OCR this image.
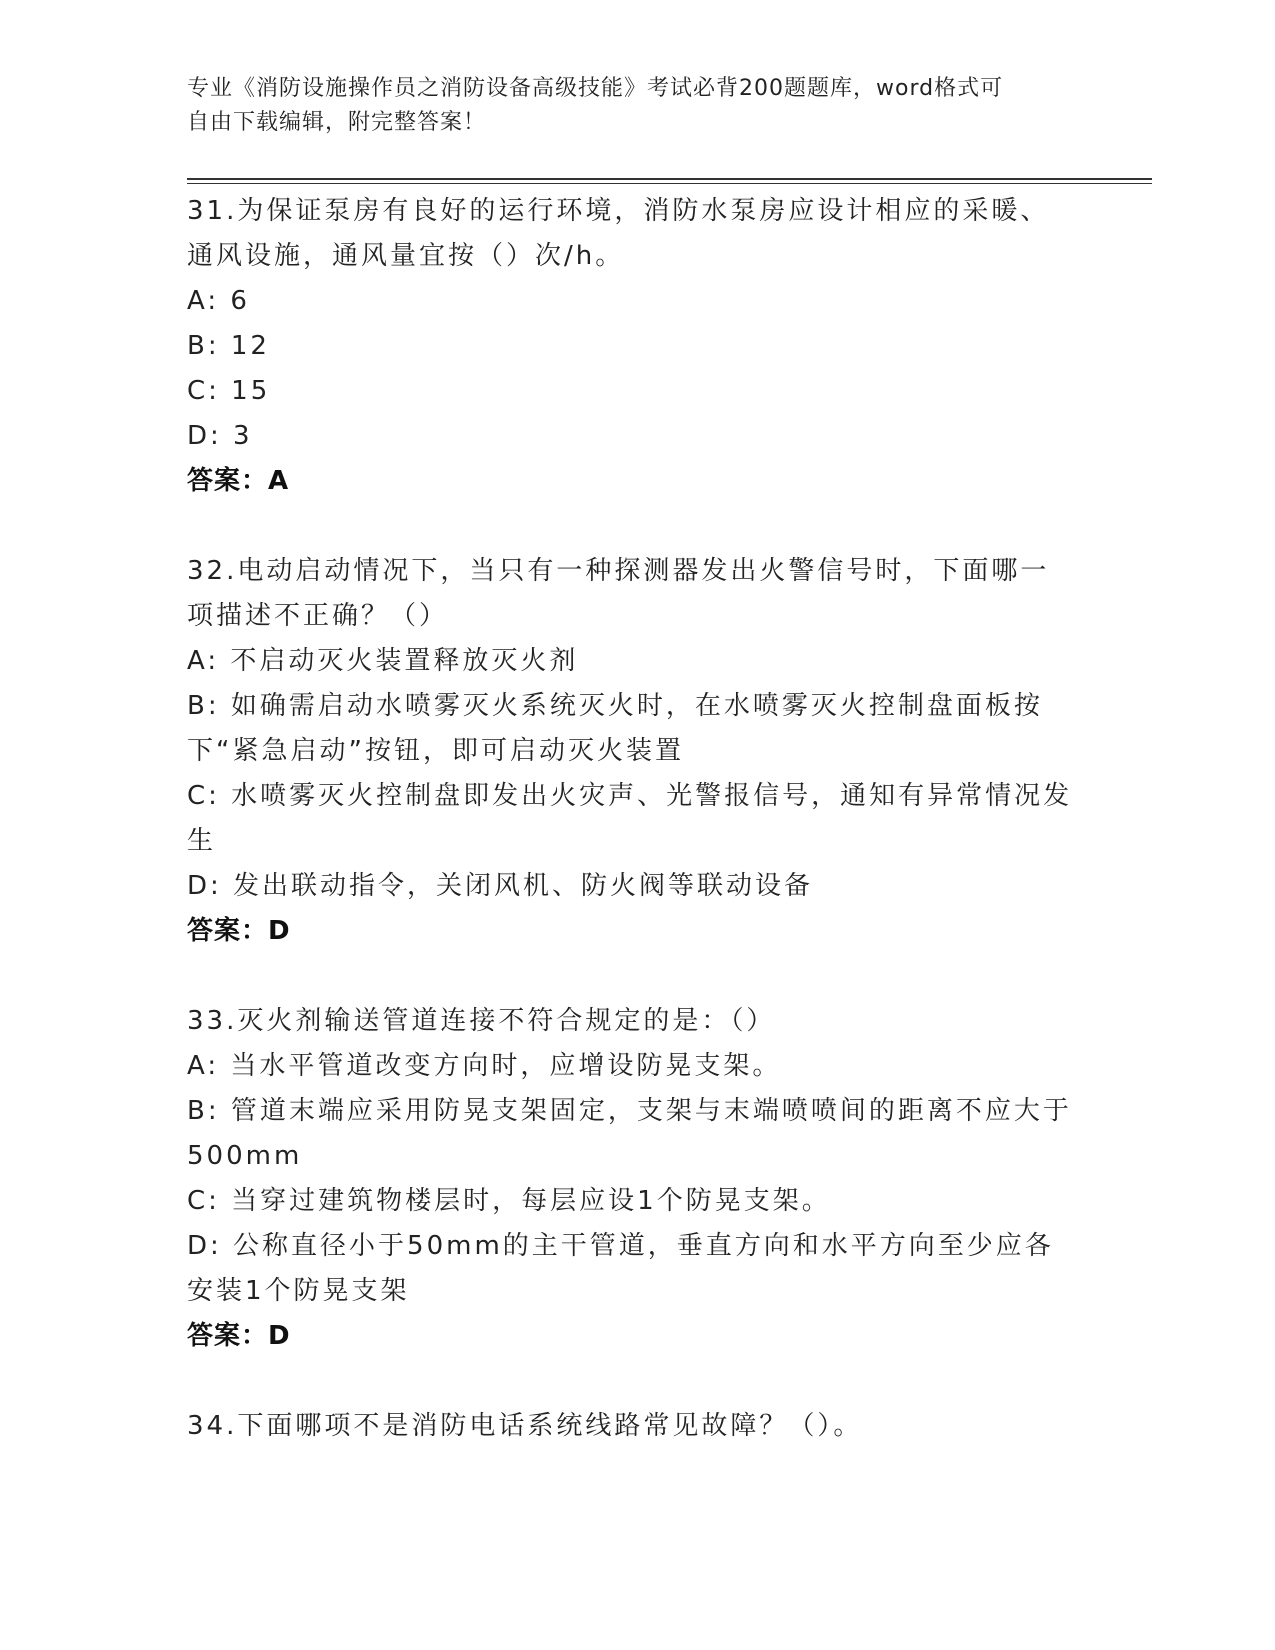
专业《消防设施操作员之消防设备高级技能》考试必背200题题库，word格式可
自由下载编辑，附完整答案！

31.为保证泵房有良好的运行环境，消防水泵房应设计相应的采暖、通风设施，通风量宜按（）次/h。

A: 6

B: 12

C: 15

D: 3

答案：A

32.电动启动情况下，当只有一种探测器发出火警信号时，下面哪一项描述不正确？（）

A: 不启动灭火装置释放灭火剂

B: 如确需启动水喷雾灭火系统灭火时，在水喷雾灭火控制盘面板按下“紧急启动”按钮，即可启动灭火装置

C: 水喷雾灭火控制盘即发出火灾声、光警报信号，通知有异常情况发生

D: 发出联动指令，关闭风机、防火阀等联动设备

答案：D

33.灭火剂输送管道连接不符合规定的是：（）

A: 当水平管道改变方向时，应增设防晃支架。

B: 管道末端应采用防晃支架固定，支架与末端喷喷间的距离不应大于500mm

C: 当穿过建筑物楼层时，每层应设1个防晃支架。

D: 公称直径小于50mm的主干管道，垂直方向和水平方向至少应各安装1个防晃支架

答案：D

34.下面哪项不是消防电话系统线路常见故障？（）。
